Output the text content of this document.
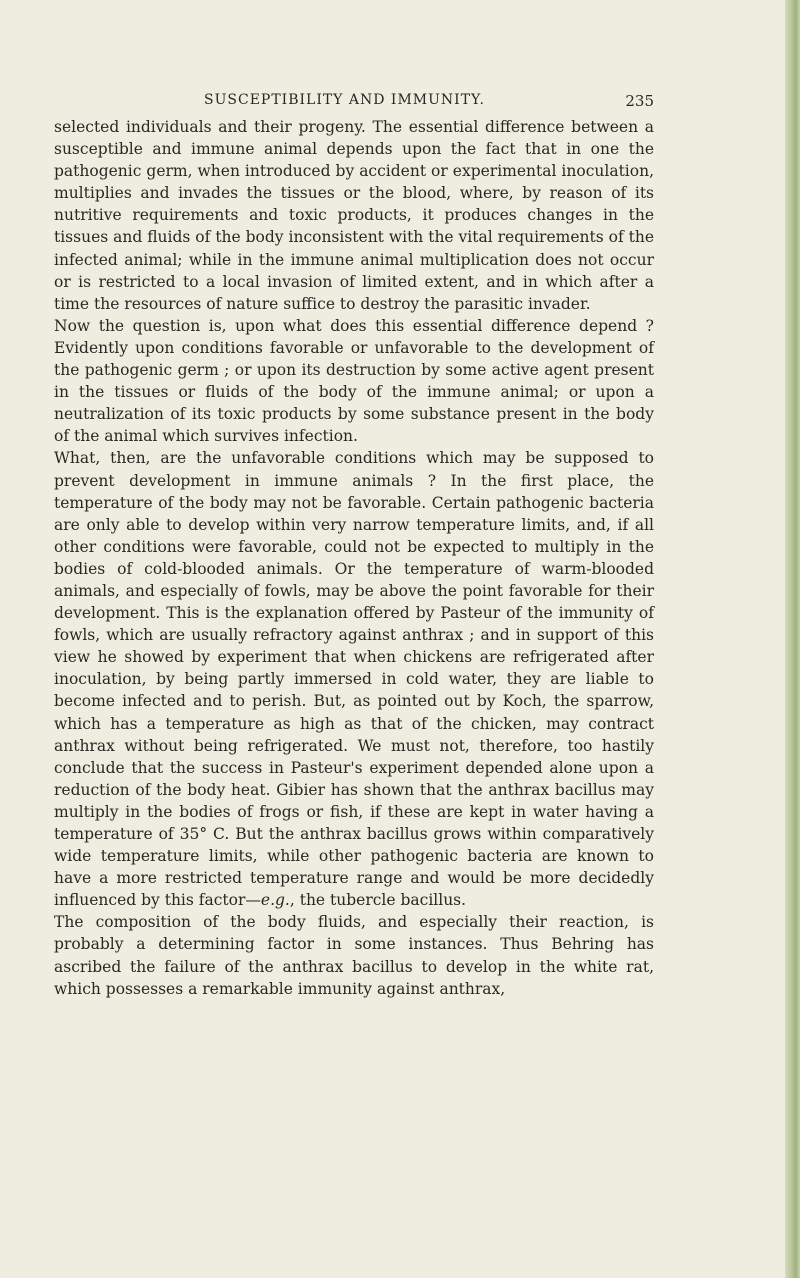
SUSCEPTIBILITY AND IMMUNITY.	235

selected individuals and their progeny. The essential difference between a susceptible and immune animal depends upon the fact that in one the pathogenic germ, when introduced by accident or experimental inoculation, multiplies and invades the tissues or the blood, where, by reason of its nutritive requirements and toxic products, it produces changes in the tissues and fluids of the body inconsistent with the vital requirements of the infected animal; while in the immune animal multiplication does not occur or is restricted to a local invasion of limited extent, and in which after a time the resources of nature suffice to destroy the parasitic invader.

Now the question is, upon what does this essential difference depend ? Evidently upon conditions favorable or unfavorable to the development of the pathogenic germ ; or upon its destruction by some active agent present in the tissues or fluids of the body of the immune animal; or upon a neutralization of its toxic products by some substance present in the body of the animal which survives infection.

What, then, are the unfavorable conditions which may be supposed to prevent development in immune animals ? In the first place, the temperature of the body may not be favorable. Certain pathogenic bacteria are only able to develop within very narrow temperature limits, and, if all other conditions were favorable, could not be expected to multiply in the bodies of cold-blooded animals. Or the temperature of warm-blooded animals, and especially of fowls, may be above the point favorable for their development. This is the explanation offered by Pasteur of the immunity of fowls, which are usually refractory against anthrax ; and in support of this view he showed by experiment that when chickens are refrigerated after inoculation, by being partly immersed in cold water, they are liable to become infected and to perish. But, as pointed out by Koch, the sparrow, which has a temperature as high as that of the chicken, may contract anthrax without being refrigerated. We must not, therefore, too hastily conclude that the success in Pasteur's experiment depended alone upon a reduction of the body heat. Gibier has shown that the anthrax bacillus may multiply in the bodies of frogs or fish, if these are kept in water having a temperature of 35° C. But the anthrax bacillus grows within comparatively wide temperature limits, while other pathogenic bacteria are known to have a more restricted temperature range and would be more decidedly influenced by this factor—e.g., the tubercle bacillus.

The composition of the body fluids, and especially their reaction, is probably a determining factor in some instances. Thus Behring has ascribed the failure of the anthrax bacillus to develop in the white rat, which possesses a remarkable immunity against anthrax,
